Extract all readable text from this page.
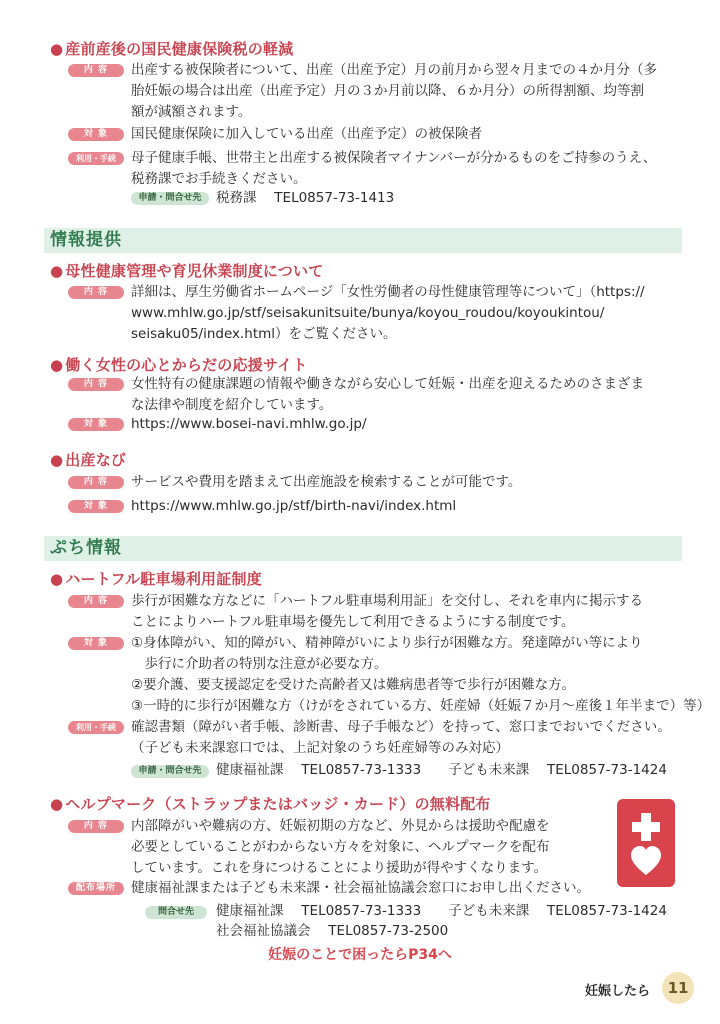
● 産前産後の国民健康保険税の軽減
内 容	出産する被保険者について、出産（出産予定）月の前月から翌々月までの４か月分（多
胎妊娠の場合は出産（出産予定）月の３か月前以降、６か月分）の所得割額、均等割
額が減額されます。
対 象	国民健康保険に加入している出産（出産予定）の被保険者
利用・手続	母子健康手帳、世帯主と出産する被保険者マイナンバーが分かるものをご持参のうえ、
税務課でお手続きください。
申請・問合せ先	税務課　 TEL0857-73-1413
情報提供
● 母性健康管理や育児休業制度について
内 容	詳細は、厚生労働省ホームページ「女性労働者の母性健康管理等について」（https://
www.mhlw.go.jp/stf/seisakunitsuite/bunya/koyou_roudou/koyoukintou/
seisaku05/index.html）をご覧ください。
● 働く女性の心とからだの応援サイト
内 容	女性特有の健康課題の情報や働きながら安心して妊娠・出産を迎えるためのさまざま
な法律や制度を紹介しています。
対 象	https://www.bosei-navi.mhlw.go.jp/
● 出産なび
内 容	サービスや費用を踏まえて出産施設を検索することが可能です。
対 象	https://www.mhlw.go.jp/stf/birth-navi/index.html
ぷち情報
● ハートフル駐車場利用証制度
内 容	歩行が困難な方などに「ハートフル駐車場利用証」を交付し、それを車内に掲示する
ことによりハートフル駐車場を優先して利用できるようにする制度です。
対 象	①身体障がい、知的障がい、精神障がいにより歩行が困難な方。発達障がい等により
　歩行に介助者の特別な注意が必要な方。
②要介護、要支援認定を受けた高齢者又は難病患者等で歩行が困難な方。
③一時的に歩行が困難な方（けがをされている方、妊産婦（妊娠７か月～産後１年半まで）等）
利用・手続	確認書類（障がい者手帳、診断書、母子手帳など）を持って、窓口までおいでください。
（子ども未来課窓口では、上記対象のうち妊産婦等のみ対応）
申請・問合せ先	健康福祉課　 TEL0857-73-1333　　子ども未来課　 TEL0857-73-1424
● ヘルプマーク（ストラップまたはバッジ・カード）の無料配布
内 容	内部障がいや難病の方、妊娠初期の方など、外見からは援助や配慮を
必要としていることがわからない方々を対象に、ヘルプマークを配布
しています。これを身につけることにより援助が得やすくなります。
配布場所	健康福祉課または子ども未来課・社会福祉協議会窓口にお申し出ください。
問合せ先	健康福祉課　 TEL0857-73-1333　　子ども未来課　 TEL0857-73-1424
社会福祉協議会　 TEL0857-73-2500
妊娠のことで困ったらP34へ
妊娠したら	11
